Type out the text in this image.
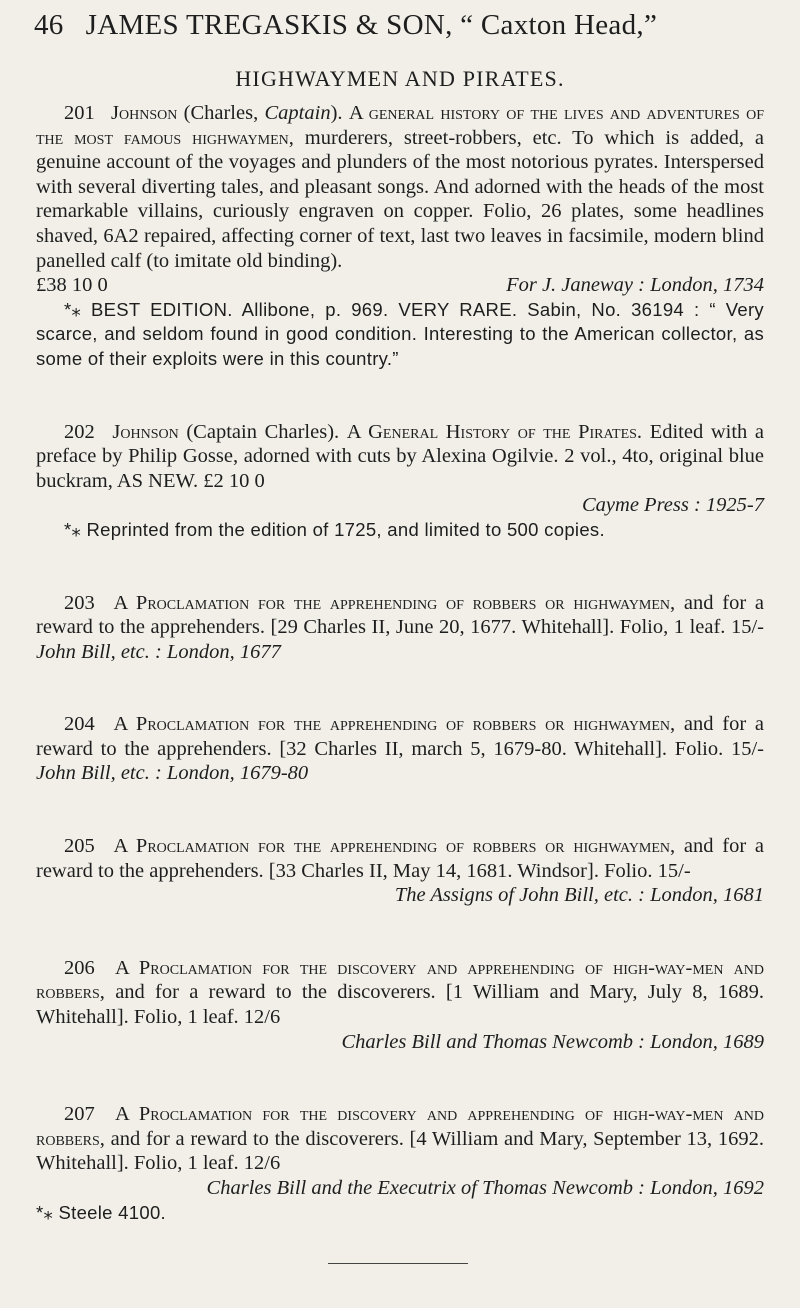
46 JAMES TREGASKIS & SON, “ Caxton Head,”
HIGHWAYMEN AND PIRATES.

201 Johnson (Charles, Captain). A general history of the lives and adventures of the most famous highwaymen, murderers, street-robbers, etc. To which is added, a genuine account of the voyages and plunders of the most notorious pyrates. Interspersed with several diverting tales, and pleasant songs. And adorned with the heads of the most remarkable villains, curiously engraven on copper. Folio, 26 plates, some headlines shaved, 6A2 repaired, affecting corner of text, last two leaves in facsimile, modern blind panelled calf (to imitate old binding).

£38 10 0	For J. Janeway : London, 1734

*⁎ BEST EDITION. Allibone, p. 969. VERY RARE. Sabin, No. 36194 : “ Very scarce, and seldom found in good condition. Interesting to the American collector, as some of their exploits were in this country.”

202 Johnson (Captain Charles). A General History of the Pirates. Edited with a preface by Philip Gosse, adorned with cuts by Alexina Ogilvie. 2 vol., 4to, original blue buckram, AS NEW. £2 10 0

Cayme Press : 1925-7

*⁎ Reprinted from the edition of 1725, and limited to 500 copies.

203 A Proclamation for the apprehending of robbers or highwaymen, and for a reward to the apprehenders. [29 Charles II, June 20, 1677. Whitehall]. Folio, 1 leaf. 15/- John Bill, etc. : London, 1677

204 A Proclamation for the apprehending of robbers or highwaymen, and for a reward to the apprehenders. [32 Charles II, march 5, 1679-80. Whitehall]. Folio. 15/- John Bill, etc. : London, 1679-80

205 A Proclamation for the apprehending of robbers or highwaymen, and for a reward to the apprehenders. [33 Charles II, May 14, 1681. Windsor]. Folio. 15/-

The Assigns of John Bill, etc. : London, 1681

206 A Proclamation for the discovery and apprehending of high-way-men and robbers, and for a reward to the discoverers. [1 William and Mary, July 8, 1689. Whitehall]. Folio, 1 leaf. 12/6

Charles Bill and Thomas Newcomb : London, 1689

207 A Proclamation for the discovery and apprehending of high-way-men and robbers, and for a reward to the discoverers. [4 William and Mary, September 13, 1692. Whitehall]. Folio, 1 leaf. 12/6

Charles Bill and the Executrix of Thomas Newcomb : London, 1692

*⁎ Steele 4100.
